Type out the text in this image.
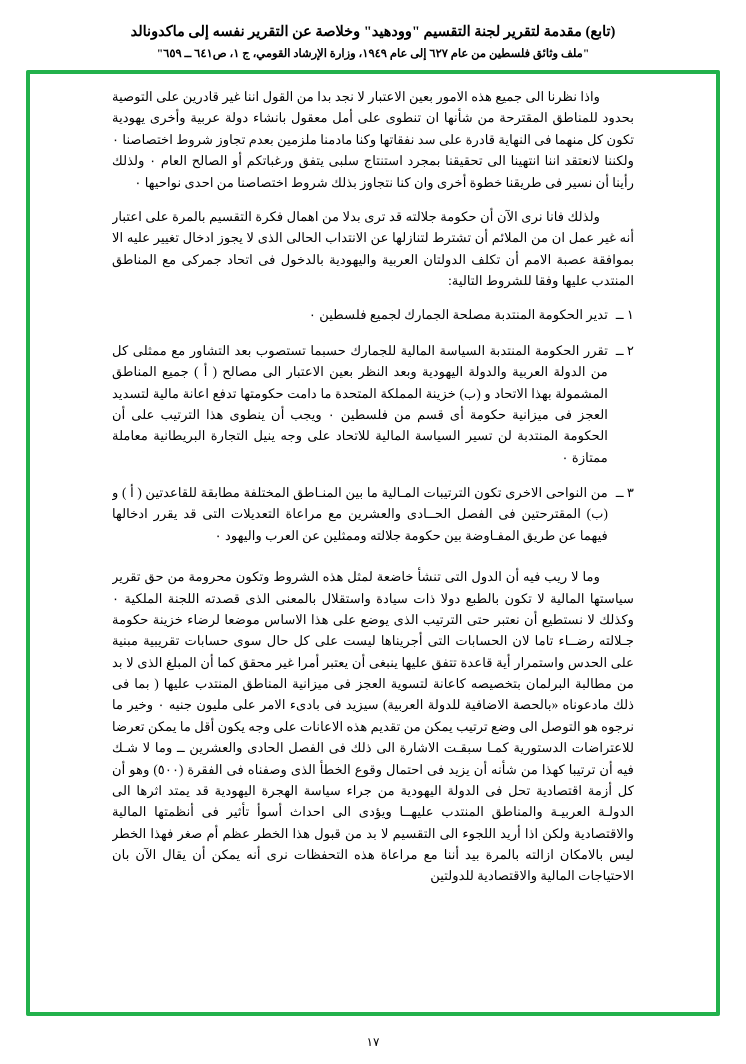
(تابع) مقدمة لتقرير لجنة التقسيم "وودهيد" وخلاصة عن التقرير نفسه إلى ماكدونالد
"ملف وثائق فلسطين من عام ٦٢٧ إلى عام ١٩٤٩، وزارة الإرشاد القومي، ج ١، ص٦٤١ ــ ٦٥٩"

واذا نظرنا الى جميع هذه الامور بعين الاعتبار لا نجد بدا من القول اننا غير قادرين على التوصية بحدود للمناطق المقترحة من شأنها ان تنطوى على أمل معقول بانشاء دولة عربية وأخرى يهودية تكون كل منهما فى النهاية قادرة على سد نفقاتها وكنا مادمنا ملزمين بعدم تجاوز شروط اختصاصنا ٠ ولكننا لانعتقد اننا انتهينا الى تحقيقنا بمجرد استنتاج سلبى يتفق ورغباتكم أو الصالح العام ٠ ولذلك رأينا أن نسير فى طريقنا خطوة أخرى وان كنا نتجاوز بذلك شروط اختصاصنا من احدى نواحيها ٠

ولذلك فانا نرى الآن أن حكومة جلالته قد ترى بدلا من اهمال فكرة التقسيم بالمرة على اعتبار أنه غير عمل ان من الملائم أن تشترط لتنازلها عن الانتداب الحالى الذى لا يجوز ادخال تغيير عليه الا بموافقة عصبة الامم أن تكلف الدولتان العربية واليهودية بالدخول فى اتحاد جمركى مع المناطق المنتدب عليها وفقا للشروط التالية:

١ ــ
تدير الحكومة المنتدبة مصلحة الجمارك لجميع فلسطين ٠
٢ ــ
تقرر الحكومة المنتدبة السياسة المالية للجمارك حسبما تستصوب بعد التشاور مع ممثلى كل من الدولة العربية والدولة اليهودية وبعد النظر بعين الاعتبار الى مصالح ( أ ) جميع المناطق المشمولة بهذا الاتحاد و (ب) خزينة المملكة المتحدة ما دامت حكومتها تدفع اعانة مالية لتسديد العجز فى ميزانية حكومة أى قسم من فلسطين ٠ ويجب أن ينطوى هذا الترتيب على أن الحكومة المنتدبة لن تسير السياسة المالية للاتحاد على وجه ينيل التجارة البريطانية معاملة ممتازة ٠
٣ ــ
من النواحى الاخرى تكون الترتيبات المـالية ما بين المنـاطق المختلفة مطابقة للقاعدتين ( أ ) و (ب) المقترحتين فى الفصل الحــادى والعشرين مع مراعاة التعديلات التى قد يقرر ادخالها فيهما عن طريق المفـاوضة بين حكومة جلالته وممثلين عن العرب واليهود ٠

وما لا ريب فيه أن الدول التى تنشأ خاضعة لمثل هذه الشروط وتكون محرومة من حق تقرير سياستها المالية لا تكون بالطبع دولا ذات سيادة واستقلال بالمعنى الذى قصدته اللجنة الملكية ٠ وكذلك لا نستطيع أن نعتبر حتى الترتيب الذى يوضع على هذا الاساس موضعا لرضاء خزينة حكومة جـلالته رضــاء تاما لان الحسابات التى أجريناها ليست على كل حال سوى حسابات تقريبية مبنية على الحدس واستمرار أية قاعدة تتفق عليها ينبغى أن يعتبر أمرا غير محقق كما أن المبلغ الذى لا بد من مطالبة البرلمان بتخصيصه كاعانة لتسوية العجز فى ميزانية المناطق المنتدب عليها ( بما فى ذلك مادعوناه «بالحصة الاضافية للدولة العربية) سيزيد فى بادىء الامر على مليون جنيه ٠ وخير ما نرجوه هو التوصل الى وضع ترتيب يمكن من تقديم هذه الاعانات على وجه يكون أقل ما يمكن تعرضا للاعتراضات الدستورية كمـا سبقـت الاشارة الى ذلك فى الفصل الحادى والعشرين ــ وما لا شـك فيه أن ترتيبا كهذا من شأنه أن يزيد فى احتمال وقوع الخطأ الذى وصفناه فى الفقرة (٥٠٠) وهو أن كل أزمة اقتصادية تحل فى الدولة اليهودية من جراء سياسة الهجرة اليهودية قد يمتد اثرها الى الدولـة العربيـة والمناطق المنتدب عليهــا ويؤدى الى احداث أسوأ تأثير فى أنظمتها المالية والاقتصادية ولكن اذا أريد اللجوء الى التقسيم لا بد من قبول هذا الخطر عظم أم صغر فهذا الخطر ليس بالامكان ازالته بالمرة بيد أننا مع مراعاة هذه التحفظات نرى أنه يمكن أن يقال الآن بان الاحتياجات المالية والاقتصادية للدولتين

١٧
